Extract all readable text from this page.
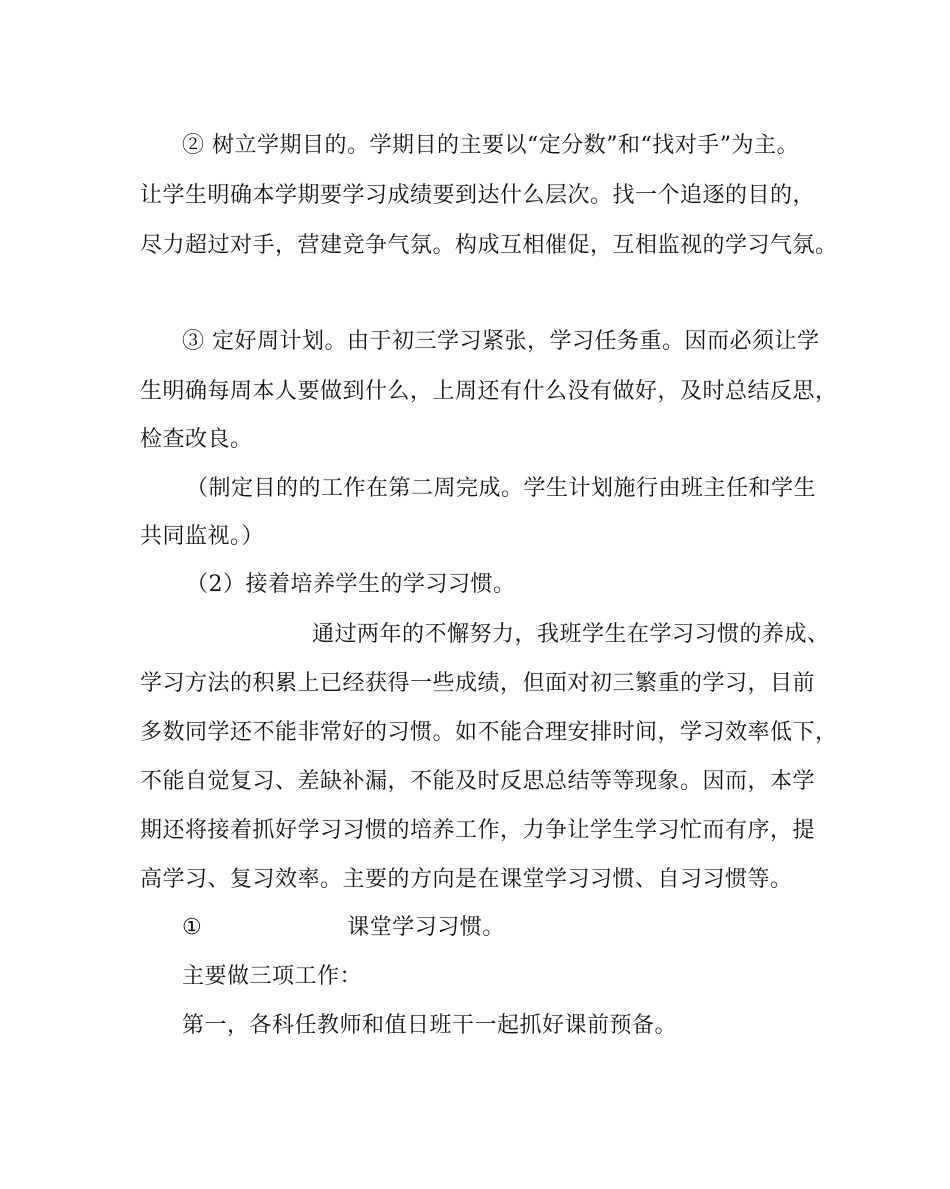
② 树立学期目的。学期目的主要以“定分数”和“找对手”为主。
让学生明确本学期要学习成绩要到达什么层次。找一个追逐的目的，
尽力超过对手，营建竞争气氛。构成互相催促，互相监视的学习气氛。
③ 定好周计划。由于初三学习紧张，学习任务重。因而必须让学
生明确每周本人要做到什么，上周还有什么没有做好，及时总结反思，
检查改良。
（制定目的的工作在第二周完成。学生计划施行由班主任和学生
共同监视。）
（2）接着培养学生的学习习惯。
通过两年的不懈努力，我班学生在学习习惯的养成、
学习方法的积累上已经获得一些成绩，但面对初三繁重的学习，目前
多数同学还不能非常好的习惯。如不能合理安排时间，学习效率低下，
不能自觉复习、差缺补漏，不能及时反思总结等等现象。因而，本学
期还将接着抓好学习习惯的培养工作，力争让学生学习忙而有序，提
高学习、复习效率。主要的方向是在课堂学习习惯、自习习惯等。
①	课堂学习习惯。
主要做三项工作：
第一，各科任教师和值日班干一起抓好课前预备。
